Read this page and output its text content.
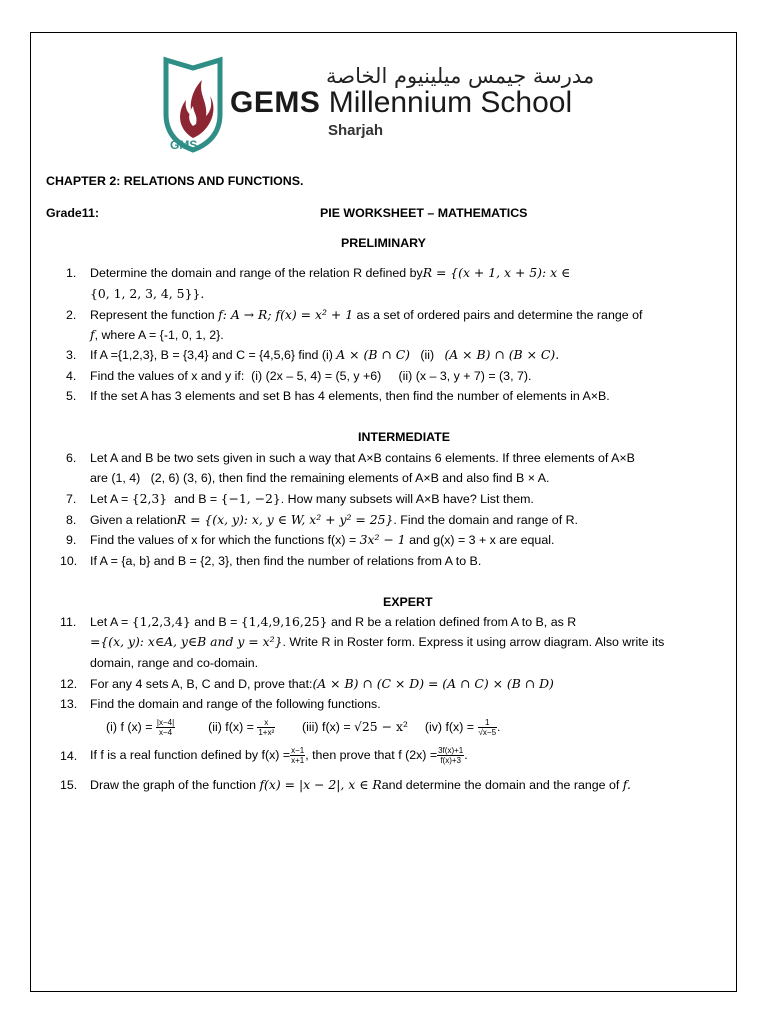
GMS
مدرسة جيمس ميلينيوم الخاصة
GEMS Millennium School
Sharjah
CHAPTER 2: RELATIONS AND FUNCTIONS.
Grade11:	PIE WORKSHEET – MATHEMATICS
PRELIMINARY
1. Determine the domain and range of the relation R defined byR = {(x + 1, x + 5): x ∈
{0, 1, 2, 3, 4, 5}}.
2. Represent the function f: A → R; f(x) = x² + 1 as a set of ordered pairs and determine the range of
f, where A = {-1, 0, 1, 2}.
3. If A ={1,2,3}, B = {3,4} and C = {4,5,6} find (i) A × (B ∩ C) (ii) (A × B) ∩ (B × C).
4. Find the values of x and y if:  (i) (2x – 5, 4) = (5, y +6)     (ii) (x – 3, y + 7) = (3, 7).
5. If the set A has 3 elements and set B has 4 elements, then find the number of elements in A×B.
INTERMEDIATE
6. Let A and B be two sets given in such a way that A×B contains 6 elements. If three elements of A×B
are (1, 4)   (2, 6) (3, 6), then find the remaining elements of A×B and also find B × A.
7. Let A = {2,3} and B = {−1, −2}. How many subsets will A×B have? List them.
8. Given a relationR = {(x, y): x, y ∈ W, x² + y² = 25}. Find the domain and range of R.
9. Find the values of x for which the functions f(x) = 3x² − 1 and g(x) = 3 + x are equal.
10. If A = {a, b} and B = {2, 3}, then find the number of relations from A to B.
EXPERT
11. Let A = {1,2,3,4} and B = {1,4,9,16,25} and R be a relation defined from A to B, as R
={(x, y): x∈A, y∈B and y = x²}. Write R in Roster form. Express it using arrow diagram. Also write its
domain, range and co-domain.
12. For any 4 sets A, B, C and D, prove that:(A × B) ∩ (C × D) = (A ∩ C) × (B ∩ D)
13. Find the domain and range of the following functions.
(i) f $(x) = \frac{|x-4|}{x-4}$	(ii) $f(x) = \frac{x}{\text{1+x²}} (iii) f(x) = √25 - x^2$ (iv) $f(x) = \frac{1}{√x-5}$ .
14. If f is a real function defined by $f(x) = \frac{x-1}{x+1}$ , then prove that f $(2x) = \frac{3f(x)+1}{f(x)+3}$ .
15. Draw the graph of the function f(x) = |x − 2|, x ∈ Rand determine the domain and the range of f.
